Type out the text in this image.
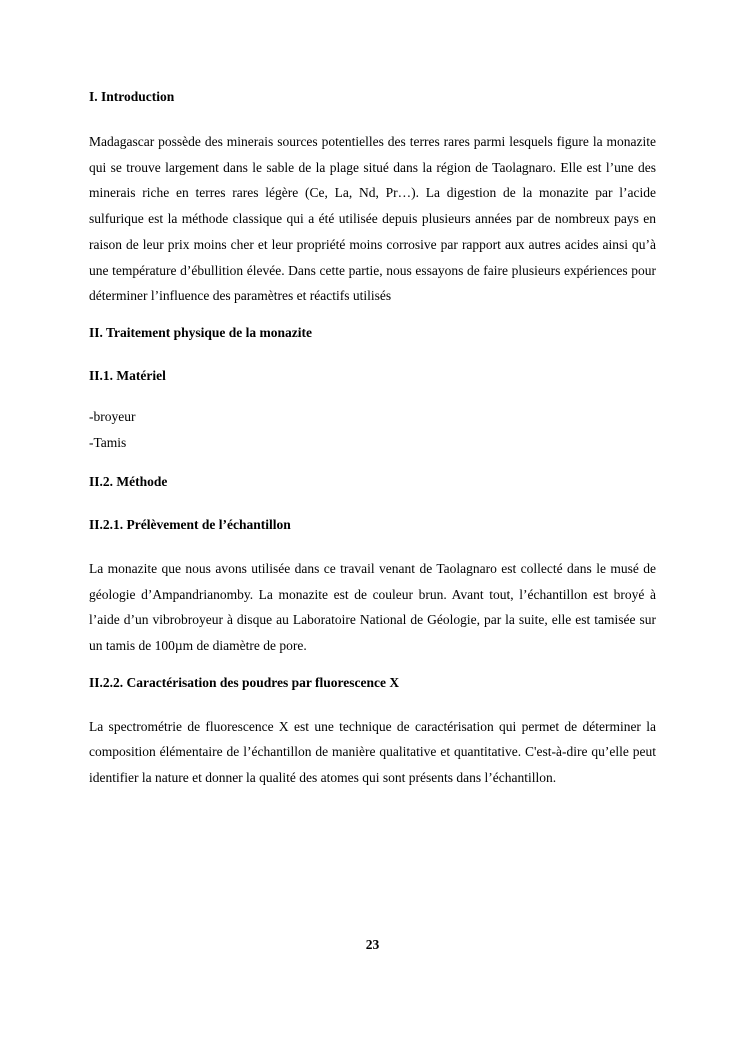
I. Introduction

Madagascar possède des minerais sources potentielles des terres rares parmi lesquels figure la monazite qui se trouve largement dans le sable de la plage situé dans la région de Taolagnaro. Elle est l’une des minerais riche en terres rares légère (Ce, La, Nd, Pr…). La digestion de la monazite par l’acide sulfurique est la méthode classique qui a été utilisée depuis plusieurs années par de nombreux pays en raison de leur prix moins cher et leur propriété moins corrosive par rapport aux autres acides ainsi qu’à une température d’ébullition élevée. Dans cette partie, nous essayons de faire plusieurs expériences pour déterminer l’influence des paramètres et réactifs utilisés

II. Traitement physique de la monazite

II.1. Matériel

-broyeur

-Tamis

II.2. Méthode

II.2.1. Prélèvement de l’échantillon

La monazite que nous avons utilisée dans ce travail venant de Taolagnaro est collecté dans le musé de géologie d’Ampandrianomby. La monazite est de couleur brun. Avant tout, l’échantillon est broyé à l’aide d’un vibrobroyeur à disque au Laboratoire National de Géologie, par la suite, elle est tamisée sur un tamis de 100µm de diamètre de pore.

II.2.2. Caractérisation des poudres par fluorescence X

La spectrométrie de fluorescence X est une technique de caractérisation qui permet de déterminer la composition élémentaire de l’échantillon de manière qualitative et quantitative. C'est-à-dire qu’elle peut identifier la nature et donner la qualité des atomes qui sont présents dans l’échantillon.

23
